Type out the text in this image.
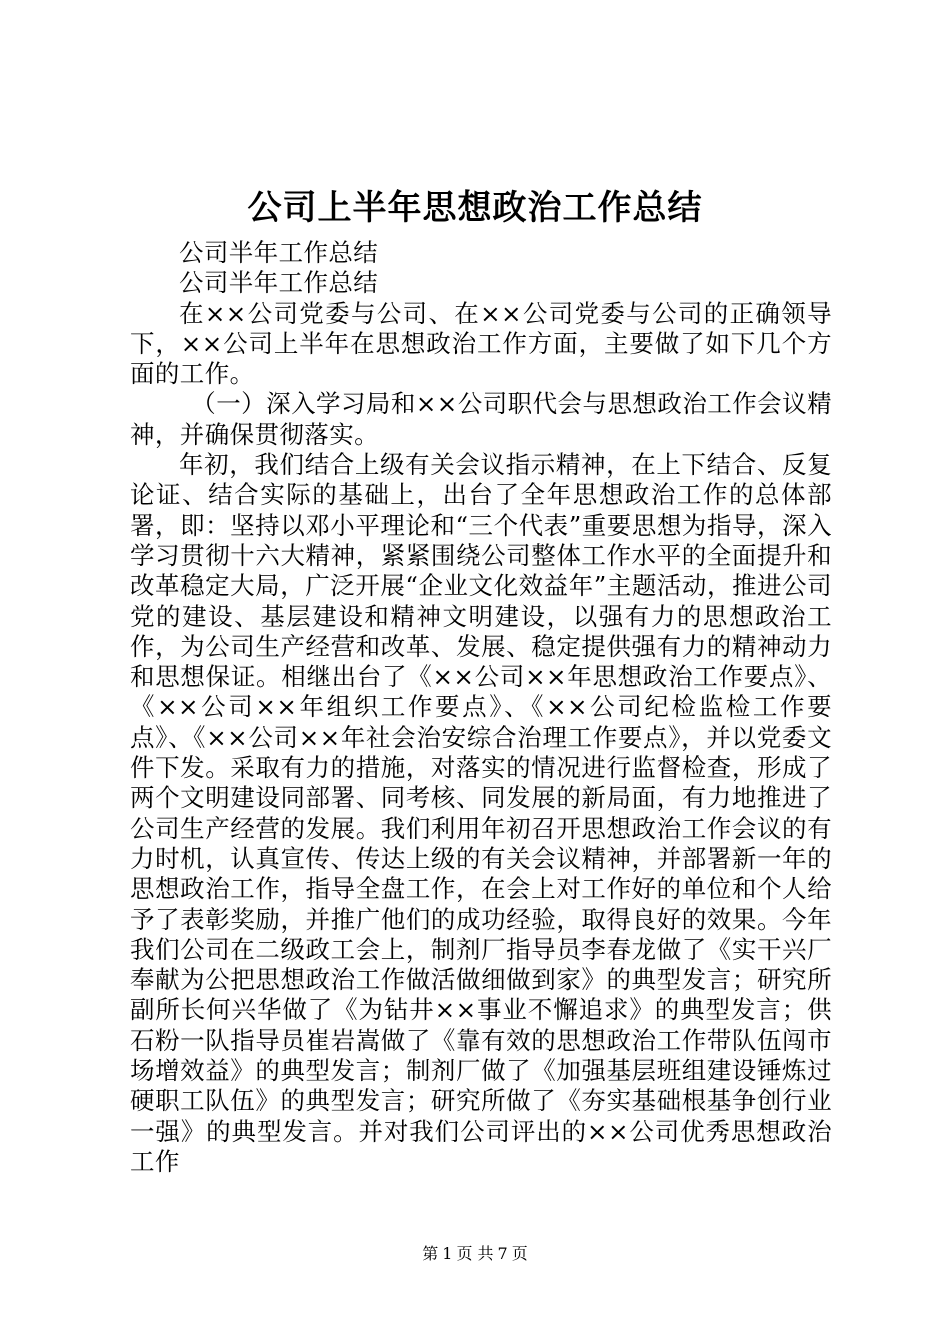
公司上半年思想政治工作总结

公司半年工作总结

公司半年工作总结

在××公司党委与公司、在××公司党委与公司的正确领导下，××公司上半年在思想政治工作方面，主要做了如下几个方面的工作。

（一）深入学习局和××公司职代会与思想政治工作会议精神，并确保贯彻落实。

年初，我们结合上级有关会议指示精神，在上下结合、反复论证、结合实际的基础上，出台了全年思想政治工作的总体部署，即：坚持以邓小平理论和“三个代表”重要思想为指导，深入学习贯彻十六大精神，紧紧围绕公司整体工作水平的全面提升和改革稳定大局，广泛开展“企业文化效益年”主题活动，推进公司党的建设、基层建设和精神文明建设，以强有力的思想政治工作，为公司生产经营和改革、发展、稳定提供强有力的精神动力和思想保证。相继出台了《××公司××年思想政治工作要点》、《××公司××年组织工作要点》、《××公司纪检监检工作要点》、《××公司××年社会治安综合治理工作要点》，并以党委文件下发。采取有力的措施，对落实的情况进行监督检查，形成了两个文明建设同部署、同考核、同发展的新局面，有力地推进了公司生产经营的发展。我们利用年初召开思想政治工作会议的有力时机，认真宣传、传达上级的有关会议精神，并部署新一年的思想政治工作，指导全盘工作，在会上对工作好的单位和个人给予了表彰奖励，并推广他们的成功经验，取得良好的效果。今年我们公司在二级政工会上，制剂厂指导员李春龙做了《实干兴厂奉献为公把思想政治工作做活做细做到家》的典型发言；研究所副所长何兴华做了《为钻井××事业不懈追求》的典型发言；供石粉一队指导员崔岩嵩做了《靠有效的思想政治工作带队伍闯市场增效益》的典型发言；制剂厂做了《加强基层班组建设锤炼过硬职工队伍》的典型发言；研究所做了《夯实基础根基争创行业一强》的典型发言。并对我们公司评出的××公司优秀思想政治工作

第 1 页 共 7 页
